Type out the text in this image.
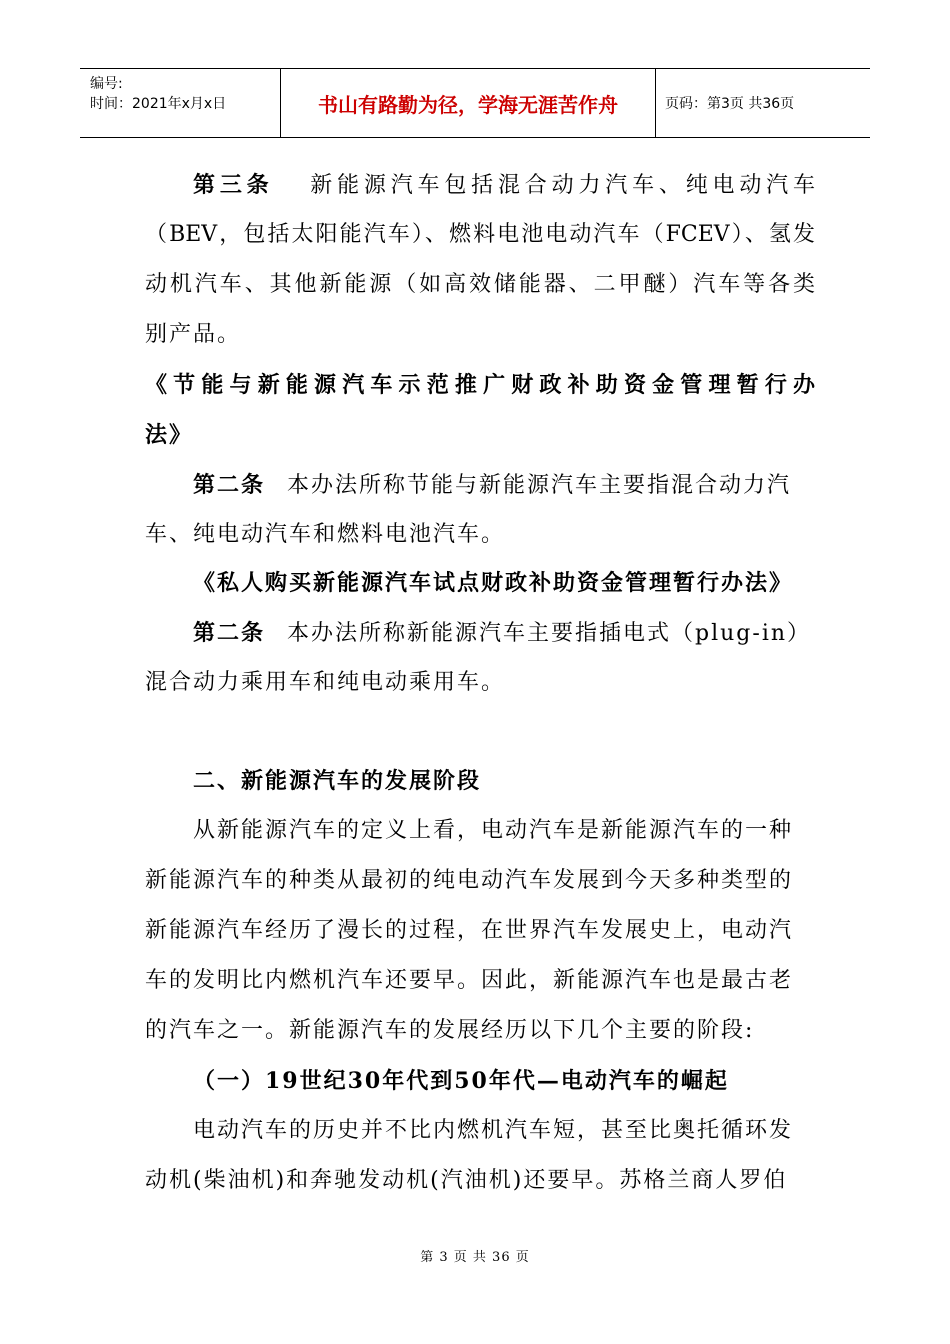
编号:
时间：2021年x月x日	书山有路勤为径，学海无涯苦作舟	页码：第3页 共36页
第三条 新能源汽车包括混合动力汽车、纯电动汽车
（BEV，包括太阳能汽车）、燃料电池电动汽车（FCEV）、氢发
动机汽车、其他新能源（如高效储能器、二甲醚）汽车等各类
别产品。
《节能与新能源汽车示范推广财政补助资金管理暂行办
法》
第二条 本办法所称节能与新能源汽车主要指混合动力汽
车、纯电动汽车和燃料电池汽车。
《私人购买新能源汽车试点财政补助资金管理暂行办法》
第二条 本办法所称新能源汽车主要指插电式（plug-in）
混合动力乘用车和纯电动乘用车。
二、新能源汽车的发展阶段
从新能源汽车的定义上看，电动汽车是新能源汽车的一种
新能源汽车的种类从最初的纯电动汽车发展到今天多种类型的
新能源汽车经历了漫长的过程，在世界汽车发展史上，电动汽
车的发明比内燃机汽车还要早。因此，新能源汽车也是最古老
的汽车之一。新能源汽车的发展经历以下几个主要的阶段:
（一）19世纪30年代到50年代—电动汽车的崛起
电动汽车的历史并不比内燃机汽车短，甚至比奥托循环发
动机(柴油机)和奔驰发动机(汽油机)还要早。苏格兰商人罗伯
第 3 页 共 36 页
